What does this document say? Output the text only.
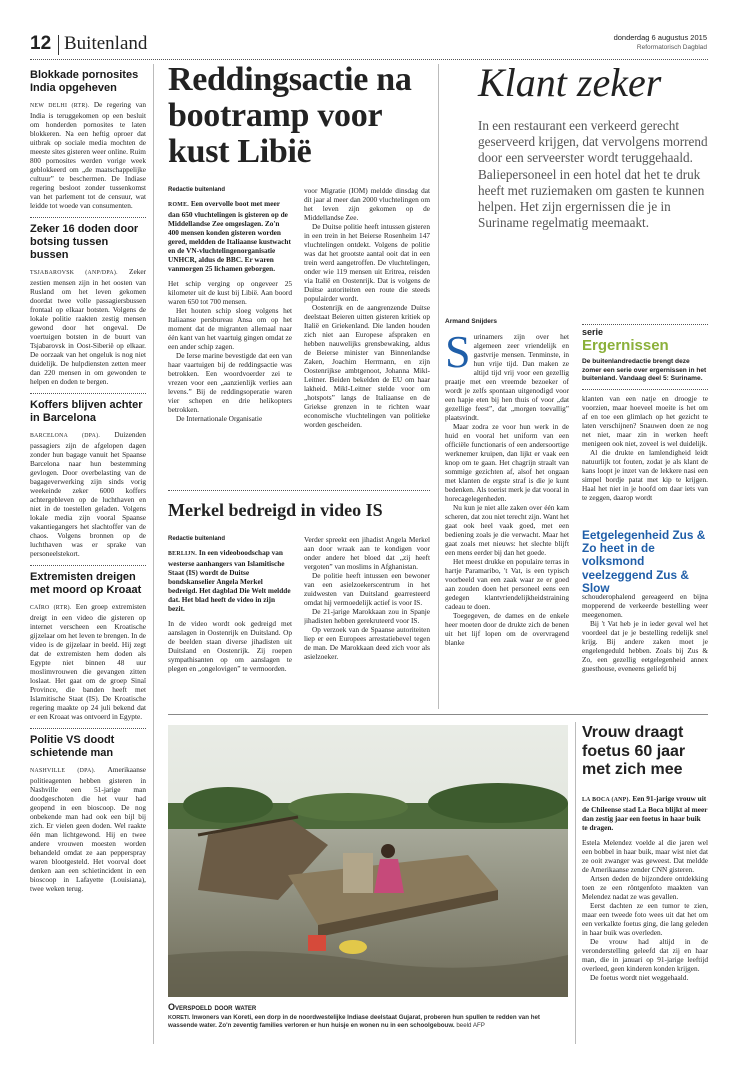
12 Buitenland	donderdag 6 augustus 2015
Reformatorisch Dagblad
Blokkade pornosites India opgeheven
NEW DELHI (RTR). De regering van India is teruggekomen op een besluit om honderden pornosites te laten blokkeren. Na een heftig oproer dat uitbrak op sociale media mochten de meeste sites gisteren weer online. Ruim 800 pornosites werden vorige week geblokkeerd om „de maatschappelijke cultuur” te beschermen. De Indiase regering besloot zonder tussenkomst van het parlement tot de censuur, wat leidde tot woede van consumenten.
Zeker 16 doden door botsing tussen bussen
TSJABAROVSK (ANP/DPA). Zeker zestien mensen zijn in het oosten van Rusland om het leven gekomen doordat twee volle passagiersbussen frontaal op elkaar botsten. Volgens de lokale politie raakten zestig mensen gewond door het ongeval. De voertuigen botsten in de buurt van Tsjabarovsk in Oost-Siberië op elkaar. De oorzaak van het ongeluk is nog niet duidelijk. De hulpdiensten zetten meer dan 220 mensen in om gewonden te helpen en doden te bergen.
Koffers blijven achter in Barcelona
BARCELONA (DPA). Duizenden passagiers zijn de afgelopen dagen zonder hun bagage vanuit het Spaanse Barcelona naar hun bestemming gevlogen. Door overbelasting van de bagageverwerking zijn sinds vorig weekeinde zeker 6000 koffers achtergebleven op de luchthaven en niet in de toestellen geladen. Volgens lokale media zijn vooral Spaanse vakantiegangers het slachtoffer van de chaos. Volgens bronnen op de luchthaven was er sprake van personeelstekort.
Extremisten dreigen met moord op Kroaat
CAÏRO (RTR). Een groep extremisten dreigt in een video die gisteren op internet verscheen een Kroatische gijzelaar om het leven te brengen. In de video is de gijzelaar in beeld. Hij zegt dat de extremisten hem doden als Egypte niet binnen 48 uur moslimvrouwen die gevangen zitten loslaat. Het gaat om de groep Sinaï Province, die banden heeft met Islamitische Staat (IS). De Kroatische regering maakte op 24 juli bekend dat er een Kroaat was ontvoerd in Egypte.
Politie VS doodt schietende man
NASHVILLE (DPA). Amerikaanse politieagenten hebben gisteren in Nashville een 51-jarige man doodgeschoten die het vuur had geopend in een bioscoop. De nog onbekende man had ook een bijl bij zich. Er vielen geen doden. Wel raakte één man lichtgewond. Hij en twee andere vrouwen moesten worden behandeld omdat ze aan pepperspray waren blootgesteld. Het voorval doet denken aan een schietincident in een bioscoop in Lafayette (Louisiana), twee weken terug.
Reddingsactie na bootramp voor kust Libië
Redactie buitenland
ROME. Een overvolle boot met meer dan 650 vluchtelingen is gisteren op de Middellandse Zee omgeslagen. Zo'n 400 mensen konden gisteren worden gered, meldden de Italiaanse kustwacht en de VN-vluchtelingenorganisatie UNHCR, aldus de BBC. Er waren vanmorgen 25 lichamen geborgen.

Het schip verging op ongeveer 25 kilometer uit de kust bij Libië. Aan boord waren 650 tot 700 mensen.

Het houten schip sloeg volgens het Italiaanse persbureau Ansa om op het moment dat de migranten allemaal naar één kant van het vaartuig gingen omdat ze een ander schip zagen.

De Ierse marine bevestigde dat een van haar vaartuigen bij de reddingsactie was betrokken. Een woordvoerder zei te vrezen voor een „aanzienlijk verlies aan levens.” Bij de reddingsoperatie waren vier schepen en drie helikopters betrokken.

De Internationale Organisatie

voor Migratie (IOM) meldde dinsdag dat dit jaar al meer dan 2000 vluchtelingen om het leven zijn gekomen op de Middellandse Zee.

De Duitse politie heeft intussen gisteren in een trein in het Beierse Rosenheim 147 vluchtelingen ontdekt. Volgens de politie was dat het grootste aantal ooit dat in een trein werd aangetroffen. De vluchtelingen, onder wie 119 mensen uit Eritrea, reisden via Italië en Oostenrijk. Dat is volgens de Duitse autoriteiten een route die steeds populairder wordt.

Oostenrijk en de aangrenzende Duitse deelstaat Beieren uitten gisteren kritiek op Italië en Griekenland. Die landen houden zich niet aan Europese afspraken en hebben nauwelijks grensbewaking, aldus de Beierse minister van Binnenlandse Zaken, Joachim Herrmann, en zijn Oostenrijkse ambtgenoot, Johanna Mikl-Leitner. Beiden bekelden de EU om haar lakheid. Mikl-Leitner stelde voor om „hotspots” langs de Italiaanse en de Griekse grenzen in te richten waar economische vluchtelingen van politieke worden gescheiden.

Merkel bedreigd in video IS
Redactie buitenland
BERLIJN. In een videoboodschap van westerse aanhangers van Islamitische Staat (IS) wordt de Duitse bondskanselier Angela Merkel bedreigd. Het dagblad Die Welt meldde dat. Het blad heeft de video in zijn bezit.

In de video wordt ook gedreigd met aanslagen in Oostenrijk en Duitsland. Op de beelden staan diverse jihadisten uit Duitsland en Oostenrijk. Zij roepen sympathisanten op om aanslagen te plegen en „ongelovigen” te vermoorden.

Verder spreekt een jihadist Angela Merkel aan door wraak aan te kondigen voor onder andere het bloed dat „zij heeft vergoten” van moslims in Afghanistan.

De politie heeft intussen een bewoner van een asielzoekerscentrum in het zuidwesten van Duitsland gearresteerd omdat hij vermoedelijk actief is voor IS.

De 21-jarige Marokkaan zou in Spanje jihadisten hebben gerekruteerd voor IS.

Op verzoek van de Spaanse autoriteiten liep er een Europees arrestatiebevel tegen de man. De Marokkaan deed zich voor als asielzoeker.

Klant zeker
In een restaurant een verkeerd gerecht geserveerd krijgen, dat vervolgens morrend door een serveerster wordt teruggehaald. Baliepersoneel in een hotel dat het te druk heeft met ruziemaken om gasten te kunnen helpen. Het zijn ergernissen die je in Suriname regelmatig meemaakt.
Armand Snijders
S urinamers zijn over het algemeen zeer vriendelijk en gastvrije mensen. Tenminste, in hun vrije tijd. Dan maken ze altijd tijd vrij voor een gezellig praatje met een vreemde bezoeker of wordt je zelfs spontaan uitgenodigd voor een hapje eten bij hen thuis of voor „dat gezellige feest”, dat „morgen toevallig” plaatsvindt.

Maar zodra ze voor hun werk in de huid en vooral het uniform van een officiële functionaris of een andersoortige werknemer kruipen, dan lijkt er vaak een knop om te gaan. Het chagrijn straalt van sommige gezichten af, alsof het ongaan met klanten de ergste straf is die je kunt bedenken. Als toerist merk je dat vooral in horecagelegenheden.

Nu kun je niet alle zaken over één kam scheren, dat zou niet terecht zijn. Want het gaat ook heel vaak goed, met een bediening zoals je die verwacht. Maar het gaat zoals met nieuws: het slechte blijft een mens eerder bij dan het goede.

Het meest drukke en populaire terras in hartje Paramaribo, 't Vat, is een typisch voorbeeld van een zaak waar ze er goed aan zouden doen het personeel eens een gedegen klantvriendelijkheidstraining cadeau te doen.

Toegegeven, de dames en de enkele heer moeten door de drukte zich de benen uit het lijf lopen om de overvragend blanke

serie
Ergernissen
De buitenlandredactie brengt deze zomer een serie over ergernissen in het buitenland. Vandaag deel 5: Suriname.

klanten van een natje en droogje te voorzien, maar hoeveel moeite is het om af en toe een glimlach op het gezicht te laten verschijnen? Snauwen doen ze nog net niet, maar zin in werken heeft menigeen ook niet, zoveel is wel duidelijk.

Al die drukte en lamlendigheid leidt natuurlijk tot fouten, zodat je als klant de kans loopt je inzet van de lekkere nasi een simpel bordje patat met kip te krijgen. Haal het niet in je hoofd om daar iets van te zeggen, daarop wordt

Eetgelegenheid Zus & Zo heet in de volksmond veelzeggend Zus & Slow

schouderophalend gereageerd en bijna mopperend de verkeerde bestelling weer meegenomen.

Bij 't Vat heb je in ieder geval wel het voordeel dat je je bestelling redelijk snel krijg. Bij andere zaken moet je engelengeduld hebben. Zoals bij Zus & Zo, een gezellig eetgelegenheid annex guesthouse, eveneens geliefd bij

Overspoeld door water
KORETI. Inwoners van Koreti, een dorp in de noordwestelijke Indiase deelstaat Gujarat, proberen hun spullen te redden van het wassende water. Zo'n zeventig families verloren er hun huisje en wonen nu in een schoolgebouw. beeld AFP
Vrouw draagt foetus 60 jaar met zich mee
LA BOCA (ANP). Een 91-jarige vrouw uit de Chileense stad La Boca blijkt al meer dan zestig jaar een foetus in haar buik te dragen.

Estela Melendez voelde al die jaren wel een bobbel in haar buik, maar wist niet dat ze ooit zwanger was geweest. Dat meldde de Amerikaanse zender CNN gisteren.

Artsen deden de bijzondere ontdekking toen ze een röntgenfoto maakten van Melendez nadat ze was gevallen.

Eerst dachten ze een tumor te zien, maar een tweede foto wees uit dat het om een verkalkte foetus ging, die lang geleden in haar buik was overleden.

De vrouw had altijd in de veronderstelling geleefd dat zij en haar man, die in januari op 91-jarige leeftijd overleed, geen kinderen konden krijgen.

De foetus wordt niet weggehaald.
